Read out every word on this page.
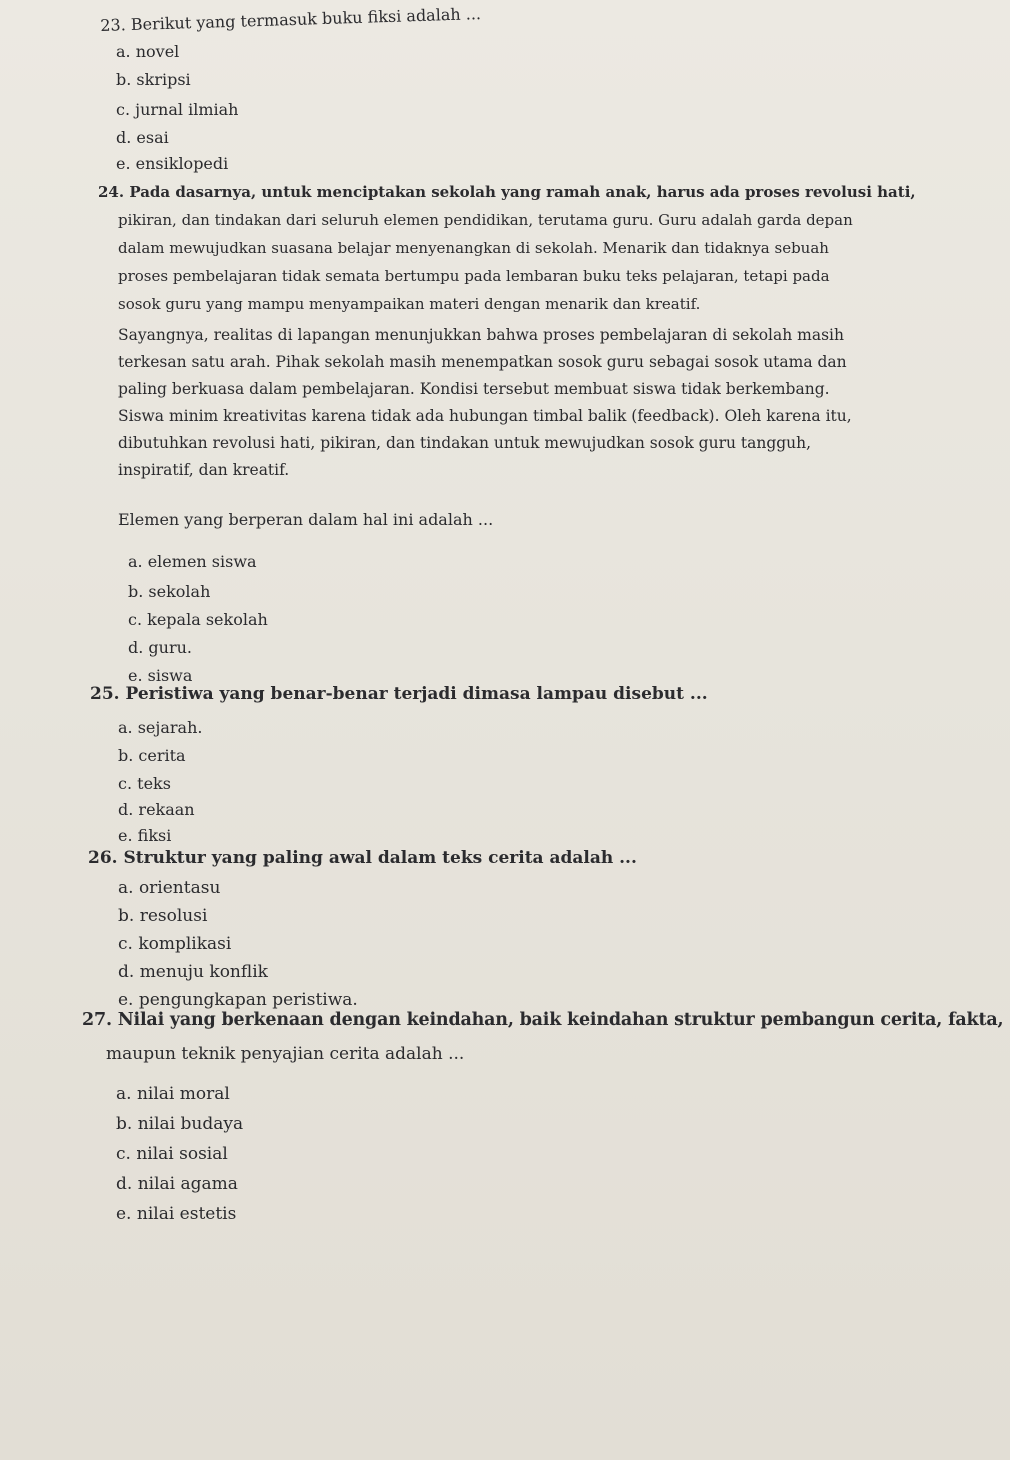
23. Berikut yang termasuk buku fiksi adalah ...
a. novel
b. skripsi
c. jurnal ilmiah
d. esai
e. ensiklopedi
24. Pada dasarnya, untuk menciptakan sekolah yang ramah anak, harus ada proses revolusi hati,
pikiran, dan tindakan dari seluruh elemen pendidikan, terutama guru. Guru adalah garda depan
dalam mewujudkan suasana belajar menyenangkan di sekolah. Menarik dan tidaknya sebuah
proses pembelajaran tidak semata bertumpu pada lembaran buku teks pelajaran, tetapi pada
sosok guru yang mampu menyampaikan materi dengan menarik dan kreatif.
Sayangnya, realitas di lapangan menunjukkan bahwa proses pembelajaran di sekolah masih
terkesan satu arah. Pihak sekolah masih menempatkan sosok guru sebagai sosok utama dan
paling berkuasa dalam pembelajaran. Kondisi tersebut membuat siswa tidak berkembang.
Siswa minim kreativitas karena tidak ada hubungan timbal balik (feedback). Oleh karena itu,
dibutuhkan revolusi hati, pikiran, dan tindakan untuk mewujudkan sosok guru tangguh,
inspiratif, dan kreatif.
Elemen yang berperan dalam hal ini adalah ...
a. elemen siswa
b. sekolah
c. kepala sekolah
d. guru.
e. siswa
25. Peristiwa yang benar-benar terjadi dimasa lampau disebut ...
a. sejarah.
b. cerita
c. teks
d. rekaan
e. fiksi
26. Struktur yang paling awal dalam teks cerita adalah ...
a. orientasu
b. resolusi
c. komplikasi
d. menuju konflik
e. pengungkapan peristiwa.
27. Nilai yang berkenaan dengan keindahan, baik keindahan struktur pembangun cerita, fakta,
maupun teknik penyajian cerita adalah ...
a. nilai moral
b. nilai budaya
c. nilai sosial
d. nilai agama
e. nilai estetis
